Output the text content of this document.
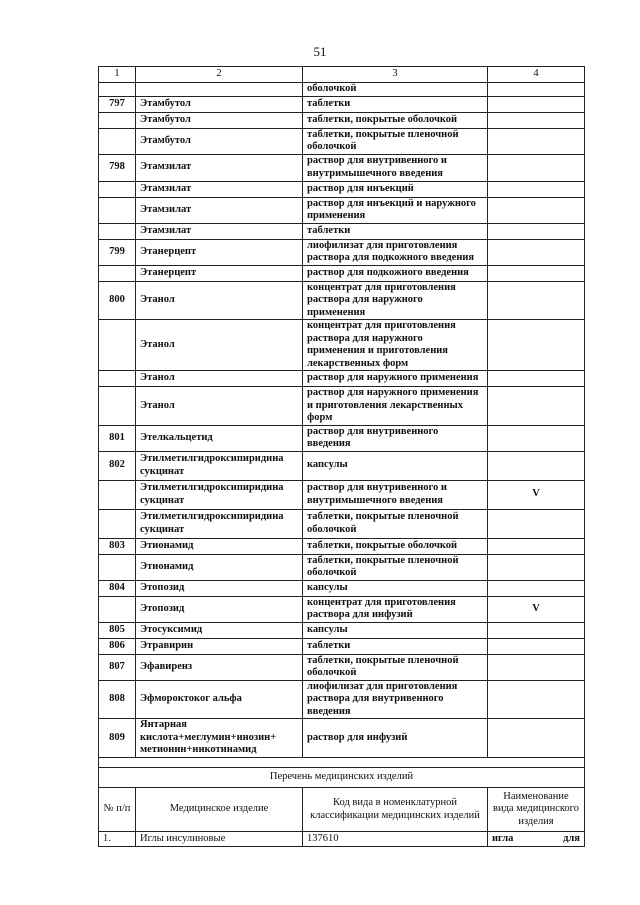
51
1	2	3	4
		оболочкой	
797	Этамбутол	таблетки	
	Этамбутол	таблетки, покрытые оболочкой	
	Этамбутол	таблетки, покрытые пленочной оболочкой	
798	Этамзилат	раствор для внутривенного и внутримышечного введения	
	Этамзилат	раствор для инъекций	
	Этамзилат	раствор для инъекций и наружного применения	
	Этамзилат	таблетки	
799	Этанерцепт	лиофилизат для приготовления раствора для подкожного введения	
	Этанерцепт	раствор для подкожного введения	
800	Этанол	концентрат для приготовления раствора для наружного применения	
	Этанол	концентрат для приготовления раствора для наружного применения и приготовления лекарственных форм	
	Этанол	раствор для наружного применения	
	Этанол	раствор для наружного применения и приготовления лекарственных форм	
801	Этелкальцетид	раствор для внутривенного введения	
802	Этилметилгидроксипиридина сукцинат	капсулы	
	Этилметилгидроксипиридина сукцинат	раствор для внутривенного и внутримышечного введения	V
	Этилметилгидроксипиридина сукцинат	таблетки, покрытые пленочной оболочкой	
803	Этионамид	таблетки, покрытые оболочкой	
	Этионамид	таблетки, покрытые пленочной оболочкой	
804	Этопозид	капсулы	
	Этопозид	концентрат для приготовления раствора для инфузий	V
805	Этосуксимид	капсулы	
806	Этравирин	таблетки	
807	Эфавиренз	таблетки, покрытые пленочной оболочкой	
808	Эфмороктоког альфа	лиофилизат для приготовления раствора для внутривенного введения	
809	Янтарная кислота+меглумин+инозин+ метионин+никотинамид	раствор для инфузий	

Перечень медицинских изделий			
№ п/п	Медицинское изделие	Код вида в номенклатурной классификации медицинских изделий	Наименование вида медицинского изделия
1.	Иглы инсулиновые	137610	игла для
